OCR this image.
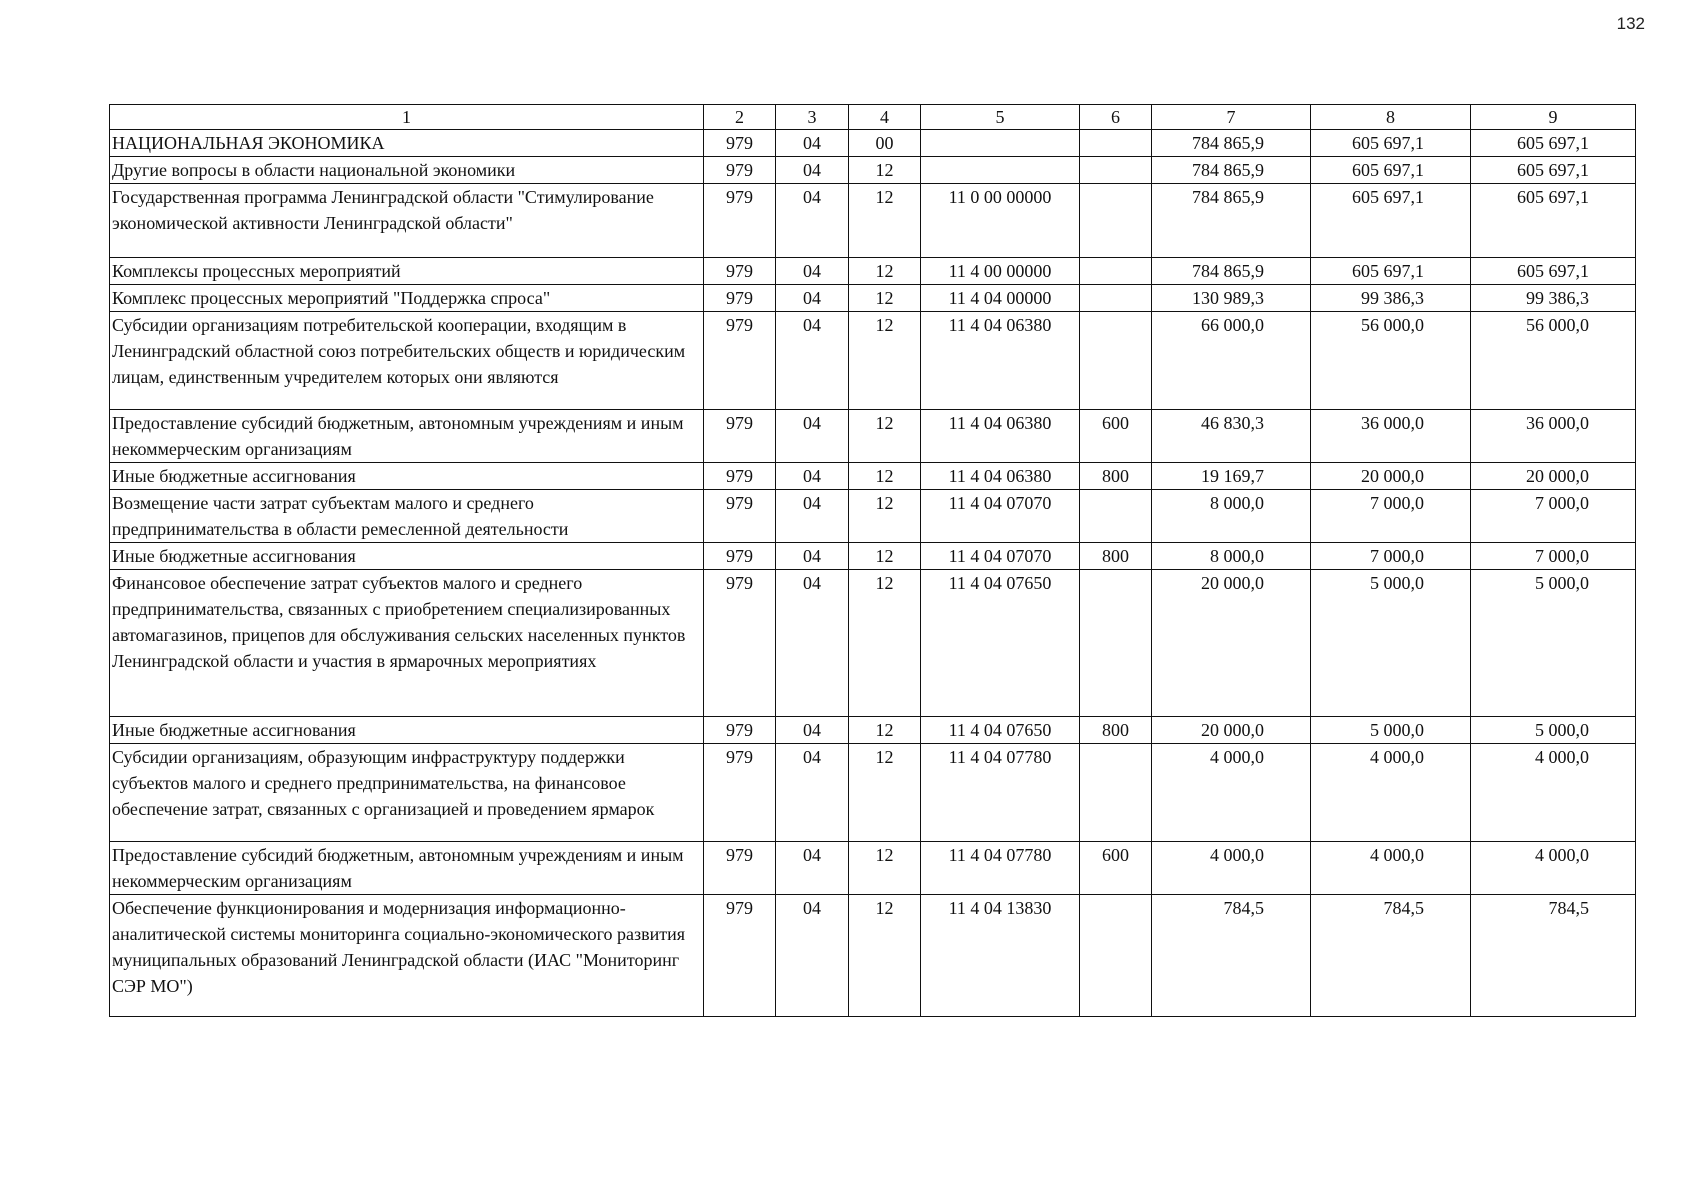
132
1	2	3	4	5	6	7	8	9
НАЦИОНАЛЬНАЯ ЭКОНОМИКА	979	04	00			784 865,9	605 697,1	605 697,1
Другие вопросы в области национальной экономики	979	04	12			784 865,9	605 697,1	605 697,1
Государственная программа Ленинградской области "Стимулирование экономической активности Ленинградской области"	979	04	12	11 0 00 00000		784 865,9	605 697,1	605 697,1
Комплексы процессных мероприятий	979	04	12	11 4 00 00000		784 865,9	605 697,1	605 697,1
Комплекс процессных мероприятий "Поддержка спроса"	979	04	12	11 4 04 00000		130 989,3	99 386,3	99 386,3
Субсидии организациям потребительской кооперации, входящим в Ленинградский областной союз потребительских обществ и юридическим лицам, единственным учредителем которых они являются	979	04	12	11 4 04 06380		66 000,0	56 000,0	56 000,0
Предоставление субсидий бюджетным, автономным учреждениям и иным некоммерческим организациям	979	04	12	11 4 04 06380	600	46 830,3	36 000,0	36 000,0
Иные бюджетные ассигнования	979	04	12	11 4 04 06380	800	19 169,7	20 000,0	20 000,0
Возмещение части затрат субъектам малого и среднего предпринимательства в области ремесленной деятельности	979	04	12	11 4 04 07070		8 000,0	7 000,0	7 000,0
Иные бюджетные ассигнования	979	04	12	11 4 04 07070	800	8 000,0	7 000,0	7 000,0
Финансовое обеспечение затрат субъектов малого и среднего предпринимательства, связанных с приобретением специализированных автомагазинов, прицепов для обслуживания сельских населенных пунктов Ленинградской области и участия в ярмарочных мероприятиях	979	04	12	11 4 04 07650		20 000,0	5 000,0	5 000,0
Иные бюджетные ассигнования	979	04	12	11 4 04 07650	800	20 000,0	5 000,0	5 000,0
Субсидии организациям, образующим инфраструктуру поддержки субъектов малого и среднего предпринимательства, на финансовое обеспечение затрат, связанных с организацией и проведением ярмарок	979	04	12	11 4 04 07780		4 000,0	4 000,0	4 000,0
Предоставление субсидий бюджетным, автономным учреждениям и иным некоммерческим организациям	979	04	12	11 4 04 07780	600	4 000,0	4 000,0	4 000,0
Обеспечение функционирования и модернизация информационно-аналитической системы мониторинга социально-экономического развития муниципальных образований Ленинградской области (ИАС "Мониторинг СЭР МО")	979	04	12	11 4 04 13830		784,5	784,5	784,5
